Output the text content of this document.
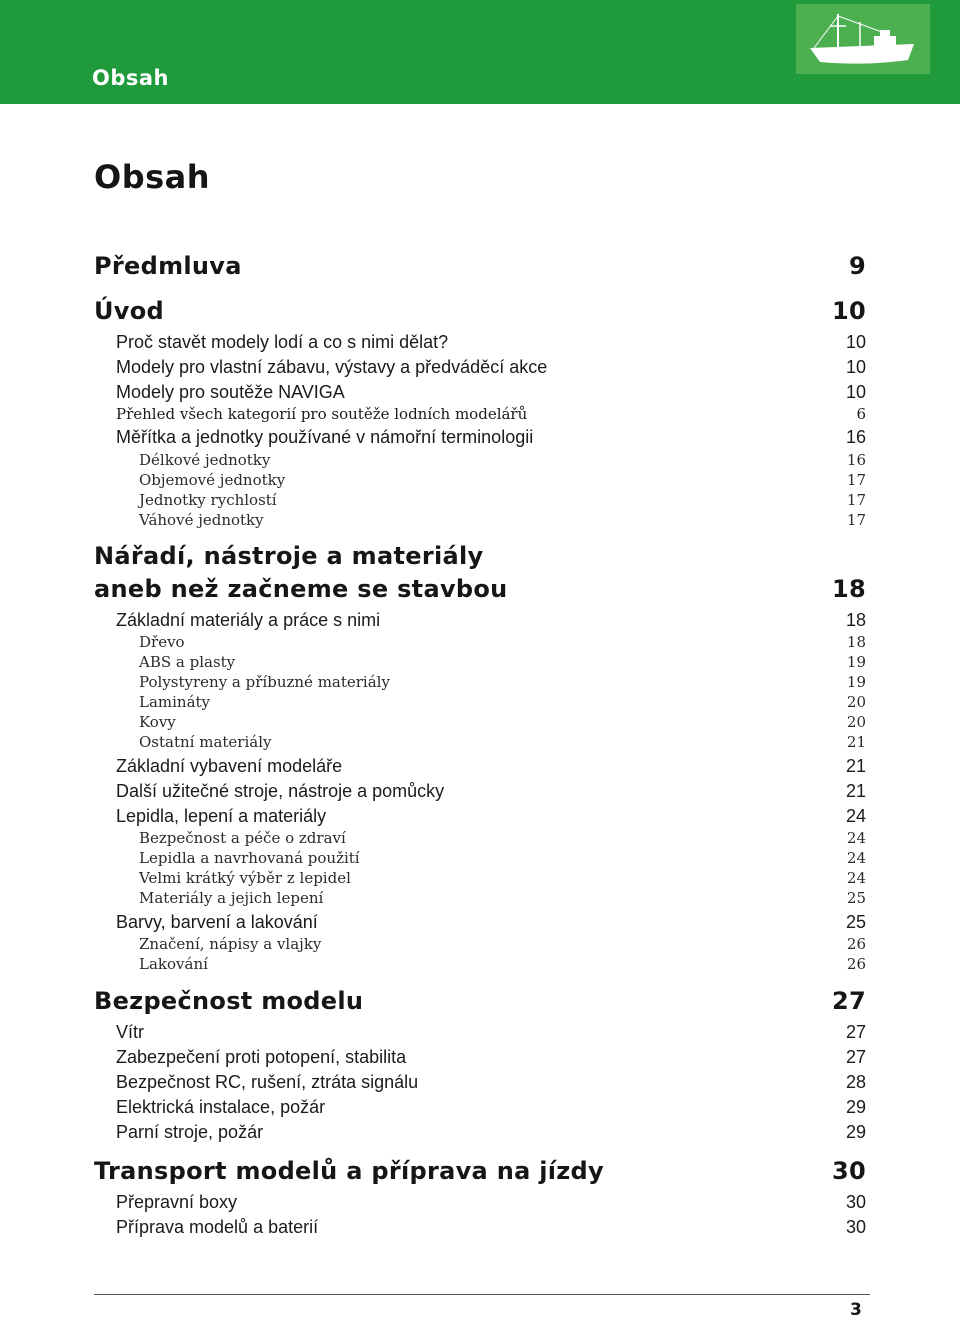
Obsah
Obsah
Předmluva	9
Úvod	10
Proč stavět modely lodí a co s nimi dělat?	10
Modely pro vlastní zábavu, výstavy a předváděcí akce	10
Modely pro soutěže NAVIGA	10
Přehled všech kategorií pro soutěže lodních modelářů	6
Měřítka a jednotky používané v námořní terminologii	16
Délkové jednotky	16
Objemové jednotky	17
Jednotky rychlostí	17
Váhové jednotky	17
Nářadí, nástroje a materiály
aneb než začneme se stavbou	18
Základní materiály a práce s nimi	18
Dřevo	18
ABS a plasty	19
Polystyreny a příbuzné materiály	19
Lamináty	20
Kovy	20
Ostatní materiály	21
Základní vybavení modeláře	21
Další užitečné stroje, nástroje a pomůcky	21
Lepidla, lepení a materiály	24
Bezpečnost a péče o zdraví	24
Lepidla a navrhovaná použití	24
Velmi krátký výběr z lepidel	24
Materiály a jejich lepení	25
Barvy, barvení a lakování	25
Značení, nápisy a vlajky	26
Lakování	26
Bezpečnost modelu	27
Vítr	27
Zabezpečení proti potopení, stabilita	27
Bezpečnost RC, rušení, ztráta signálu	28
Elektrická instalace, požár	29
Parní stroje, požár	29
Transport modelů a příprava na jízdy	30
Přepravní boxy	30
Příprava modelů a baterií	30
3
